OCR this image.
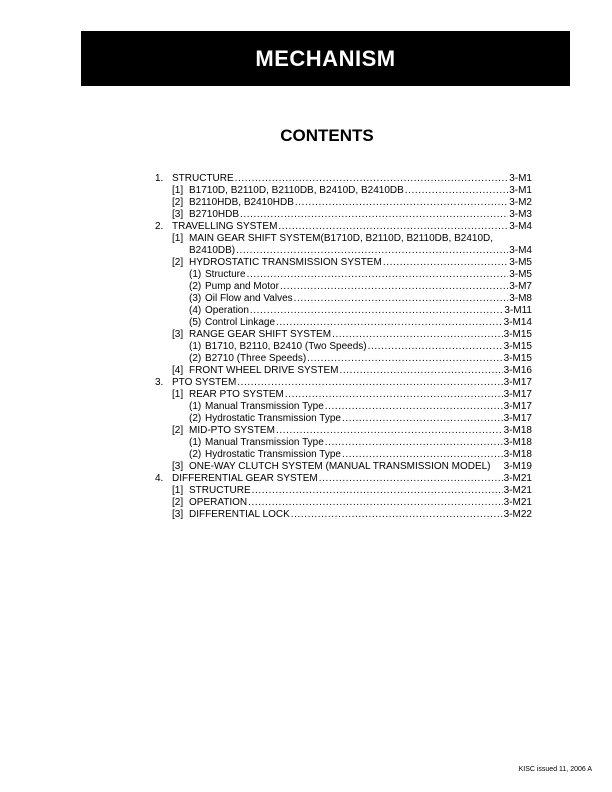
MECHANISM
CONTENTS
1. STRUCTURE .....	3-M1
[1] B1710D, B2110D, B2110DB, B2410D, B2410DB .....	3-M1
[2] B2110HDB, B2410HDB .....	3-M2
[3] B2710HDB .....	3-M3
2. TRAVELLING SYSTEM .....	3-M4
[1] MAIN GEAR SHIFT SYSTEM(B1710D, B2110D, B2110DB, B2410D,
B2410DB) .....	3-M4
[2] HYDROSTATIC TRANSMISSION SYSTEM .....	3-M5
(1) Structure .....	3-M5
(2) Pump and Motor .....	3-M7
(3) Oil Flow and Valves .....	3-M8
(4) Operation .....	3-M11
(5) Control Linkage .....	3-M14
[3] RANGE GEAR SHIFT SYSTEM .....	3-M15
(1) B1710, B2110, B2410 (Two Speeds) .....	3-M15
(2) B2710 (Three Speeds) .....	3-M15
[4] FRONT WHEEL DRIVE SYSTEM .....	3-M16
3. PTO SYSTEM .....	3-M17
[1] REAR PTO SYSTEM .....	3-M17
(1) Manual Transmission Type .....	3-M17
(2) Hydrostatic Transmission Type .....	3-M17
[2] MID-PTO SYSTEM .....	3-M18
(1) Manual Transmission Type .....	3-M18
(2) Hydrostatic Transmission Type .....	3-M18
[3] ONE-WAY CLUTCH SYSTEM (MANUAL TRANSMISSION MODEL) 3-M19
4. DIFFERENTIAL GEAR SYSTEM .....	3-M21
[1] STRUCTURE .....	3-M21
[2] OPERATION .....	3-M21
[3] DIFFERENTIAL LOCK .....	3-M22
KISC issued 11, 2006 A
